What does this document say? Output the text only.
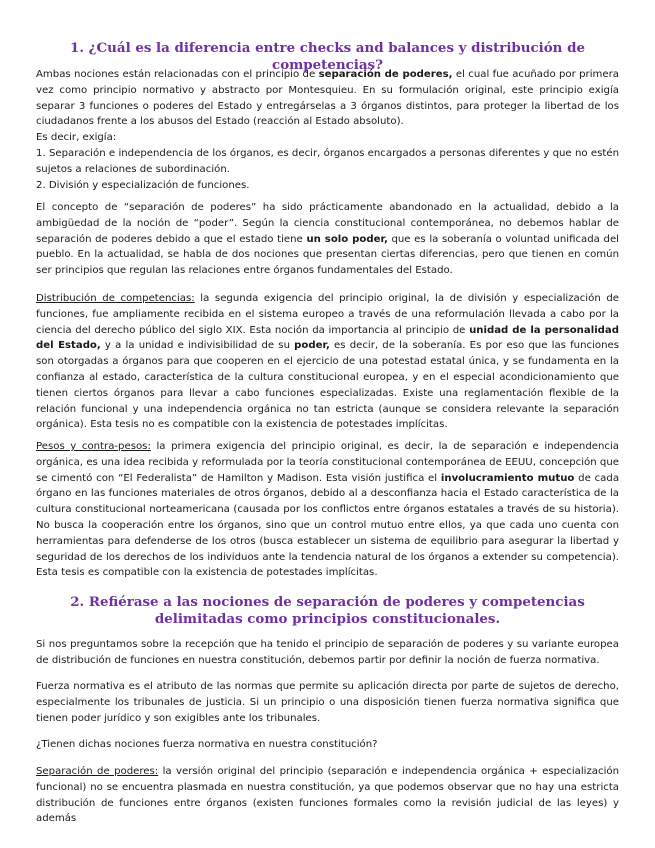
1. ¿Cuál es la diferencia entre checks and balances y distribución de competencias?

Ambas nociones están relacionadas con el principio de separación de poderes, el cual fue acuñado por primera vez como principio normativo y abstracto por Montesquieu. En su formulación original, este principio exigía separar 3 funciones o poderes del Estado y entregárselas a 3 órganos distintos, para proteger la libertad de los ciudadanos frente a los abusos del Estado (reacción al Estado absoluto).

Es decir, exigía:

1. Separación e independencia de los órganos, es decir, órganos encargados a personas diferentes y que no estén sujetos a relaciones de subordinación.
2. División y especialización de funciones.

El concepto de “separación de poderes” ha sido prácticamente abandonado en la actualidad, debido a la ambigüedad de la noción de “poder”. Según la ciencia constitucional contemporánea, no debemos hablar de separación de poderes debido a que el estado tiene un solo poder, que es la soberanía o voluntad unificada del pueblo. En la actualidad, se habla de dos nociones que presentan ciertas diferencias, pero que tienen en común ser principios que regulan las relaciones entre órganos fundamentales del Estado.

Distribución de competencias: la segunda exigencia del principio original, la de división y especialización de funciones, fue ampliamente recibida en el sistema europeo a través de una reformulación llevada a cabo por la ciencia del derecho público del siglo XIX. Esta noción da importancia al principio de unidad de la personalidad del Estado, y a la unidad e indivisibilidad de su poder, es decir, de la soberanía. Es por eso que las funciones son otorgadas a órganos para que cooperen en el ejercicio de una potestad estatal única, y se fundamenta en la confianza al estado, característica de la cultura constitucional europea, y en el especial acondicionamiento que tienen ciertos órganos para llevar a cabo funciones especializadas. Existe una reglamentación flexible de la relación funcional y una independencia orgánica no tan estricta (aunque se considera relevante la separación orgánica). Esta tesis no es compatible con la existencia de potestades implícitas.

Pesos y contra-pesos: la primera exigencia del principio original, es decir, la de separación e independencia orgánica, es una idea recibida y reformulada por la teoría constitucional contemporánea de EEUU, concepción que se cimentó con “El Federalista” de Hamilton y Madison. Esta visión justifica el involucramiento mutuo de cada órgano en las funciones materiales de otros órganos, debido al a desconfianza hacia el Estado característica de la cultura constitucional norteamericana (causada por los conflictos entre órganos estatales a través de su historia). No busca la cooperación entre los órganos, sino que un control mutuo entre ellos, ya que cada uno cuenta con herramientas para defenderse de los otros (busca establecer un sistema de equilibrio para asegurar la libertad y seguridad de los derechos de los individuos ante la tendencia natural de los órganos a extender su competencia). Esta tesis es compatible con la existencia de potestades implícitas.

2. Refiérase a las nociones de separación de poderes y competencias delimitadas como principios constitucionales.

Si nos preguntamos sobre la recepción que ha tenido el principio de separación de poderes y su variante europea de distribución de funciones en nuestra constitución, debemos partir por definir la noción de fuerza normativa.

Fuerza normativa es el atributo de las normas que permite su aplicación directa por parte de sujetos de derecho, especialmente los tribunales de justicia. Si un principio o una disposición tienen fuerza normativa significa que tienen poder jurídico y son exigibles ante los tribunales.

¿Tienen dichas nociones fuerza normativa en nuestra constitución?

Separación de poderes: la versión original del principio (separación e independencia orgánica + especialización funcional) no se encuentra plasmada en nuestra constitución, ya que podemos observar que no hay una estricta distribución de funciones entre órganos (existen funciones formales como la revisión judicial de las leyes) y además
